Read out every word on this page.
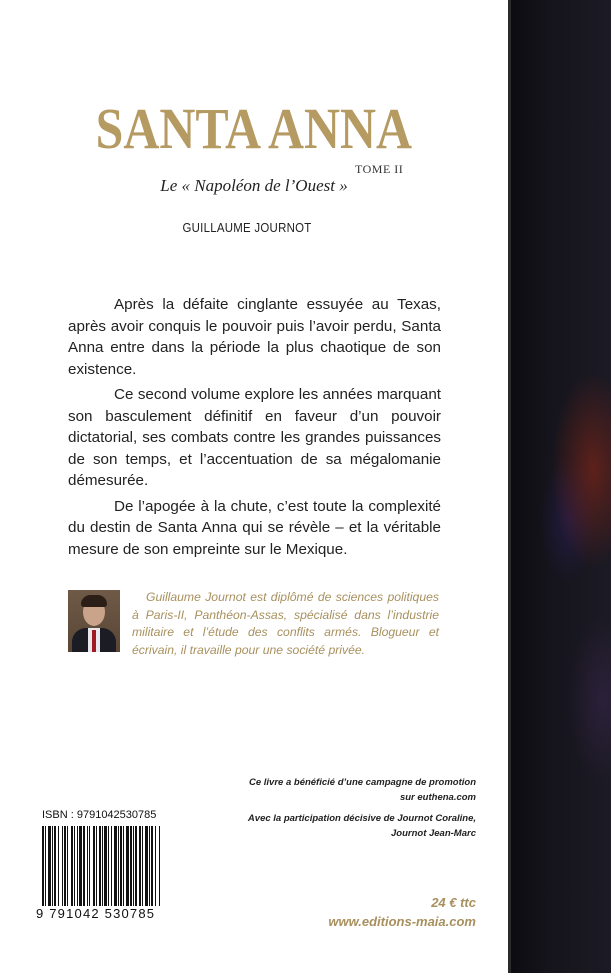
SANTA ANNA
TOME II
Le « Napoléon de l’Ouest »
GUILLAUME JOURNOT

Après la défaite cinglante essuyée au Texas, après avoir conquis le pouvoir puis l’avoir perdu, Santa Anna entre dans la période la plus chaotique de son existence.

Ce second volume explore les années marquant son basculement définitif en faveur d’un pouvoir dictatorial, ses combats contre les grandes puissances de son temps, et l’accentuation de sa mégalomanie démesurée.

De l’apogée à la chute, c’est toute la complexité du destin de Santa Anna qui se révèle – et la véritable mesure de son empreinte sur le Mexique.

Guillaume Journot est diplômé de sciences politiques à Paris-II, Panthéon-Assas, spécialisé dans l’industrie militaire et l’étude des conflits armés. Blogueur et écrivain, il travaille pour une société privée.
Ce livre a bénéficié d’une campagne de promotion
sur euthena.com
Avec la participation décisive de Journot Coraline,
Journot Jean-Marc
ISBN : 9791042530785
9 791042 530785
24 € ttc
www.editions-maia.com
